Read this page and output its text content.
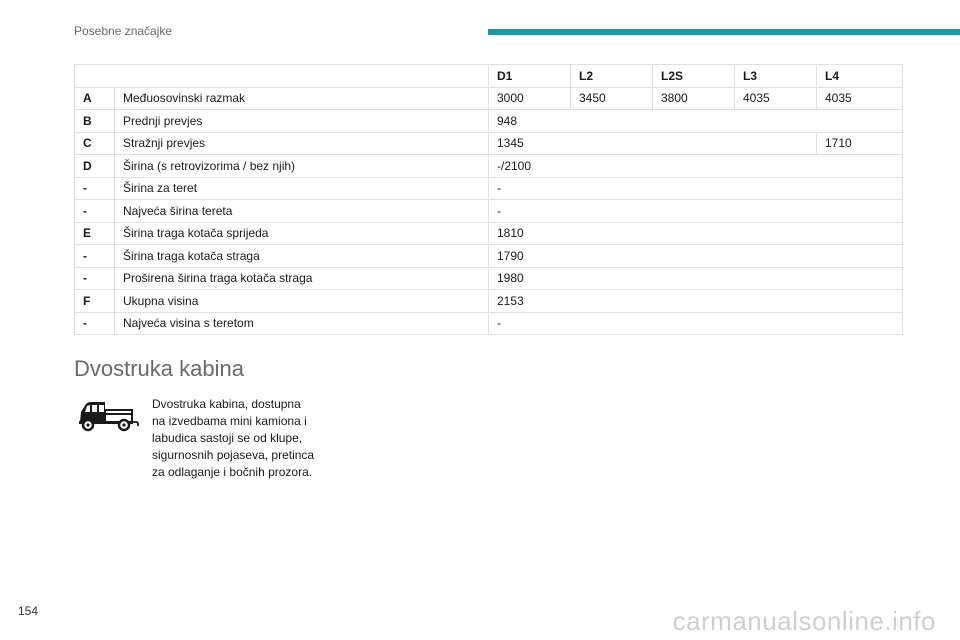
Posebne značajke
		D1	L2	L2S	L3	L4
A	Međuosovinski razmak	3000	3450	3800	4035	4035
B	Prednji prevjes	948				
C	Stražnji prevjes	1345				1710
D	Širina (s retrovizorima / bez njih)	-/2100				
-	Širina za teret	-				
-	Najveća širina tereta	-				
E	Širina traga kotača sprijeda	1810				
-	Širina traga kotača straga	1790				
-	Proširena širina traga kotača straga	1980				
F	Ukupna visina	2153				
-	Najveća visina s teretom	-				
Dvostruka kabina
Dvostruka kabina, dostupna
na izvedbama mini kamiona i
labudica sastoji se od klupe,
sigurnosnih pojaseva, pretinca
za odlaganje i bočnih prozora.
154	carmanualsonline.info
